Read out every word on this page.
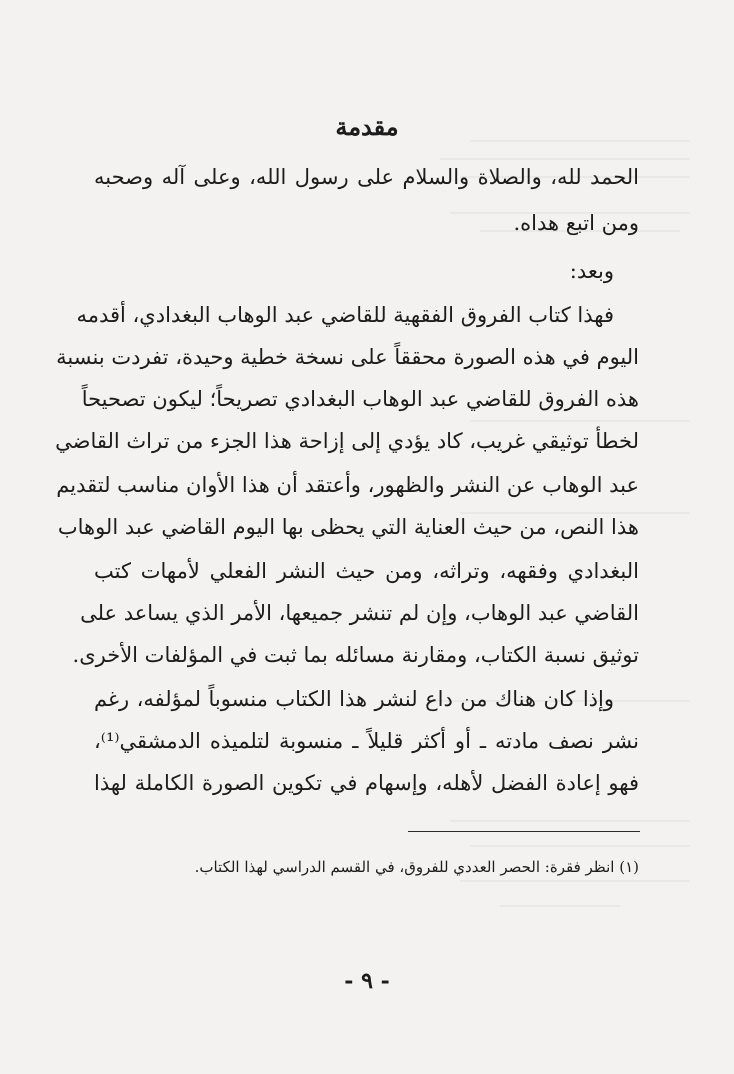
مقدمة
الحمد لله، والصلاة والسلام على رسول الله، وعلى آله وصحبه
ومن اتبع هداه.
وبعد:
فهذا كتاب الفروق الفقهية للقاضي عبد الوهاب البغدادي، أقدمه
اليوم في هذه الصورة محققاً على نسخة خطية وحيدة، تفردت بنسبة
هذه الفروق للقاضي عبد الوهاب البغدادي تصريحاً؛ ليكون تصحيحاً
لخطأ توثيقي غريب، كاد يؤدي إلى إزاحة هذا الجزء من تراث القاضي
عبد الوهاب عن النشر والظهور، وأعتقد أن هذا الأوان مناسب لتقديم
هذا النص، من حيث العناية التي يحظى بها اليوم القاضي عبد الوهاب
البغدادي وفقهه، وتراثه، ومن حيث النشر الفعلي لأمهات كتب
القاضي عبد الوهاب، وإن لم تنشر جميعها، الأمر الذي يساعد على
توثيق نسبة الكتاب، ومقارنة مسائله بما ثبت في المؤلفات الأخرى.
وإذا كان هناك من داع لنشر هذا الكتاب منسوباً لمؤلفه، رغم
نشر نصف مادته ـ أو أكثر قليلاً ـ منسوبة لتلميذه الدمشقي⁽¹⁾،
فهو إعادة الفضل لأهله، وإسهام في تكوين الصورة الكاملة لهذا
(١) انظر فقرة: الحصر العددي للفروق، في القسم الدراسي لهذا الكتاب.
- ٩ -
